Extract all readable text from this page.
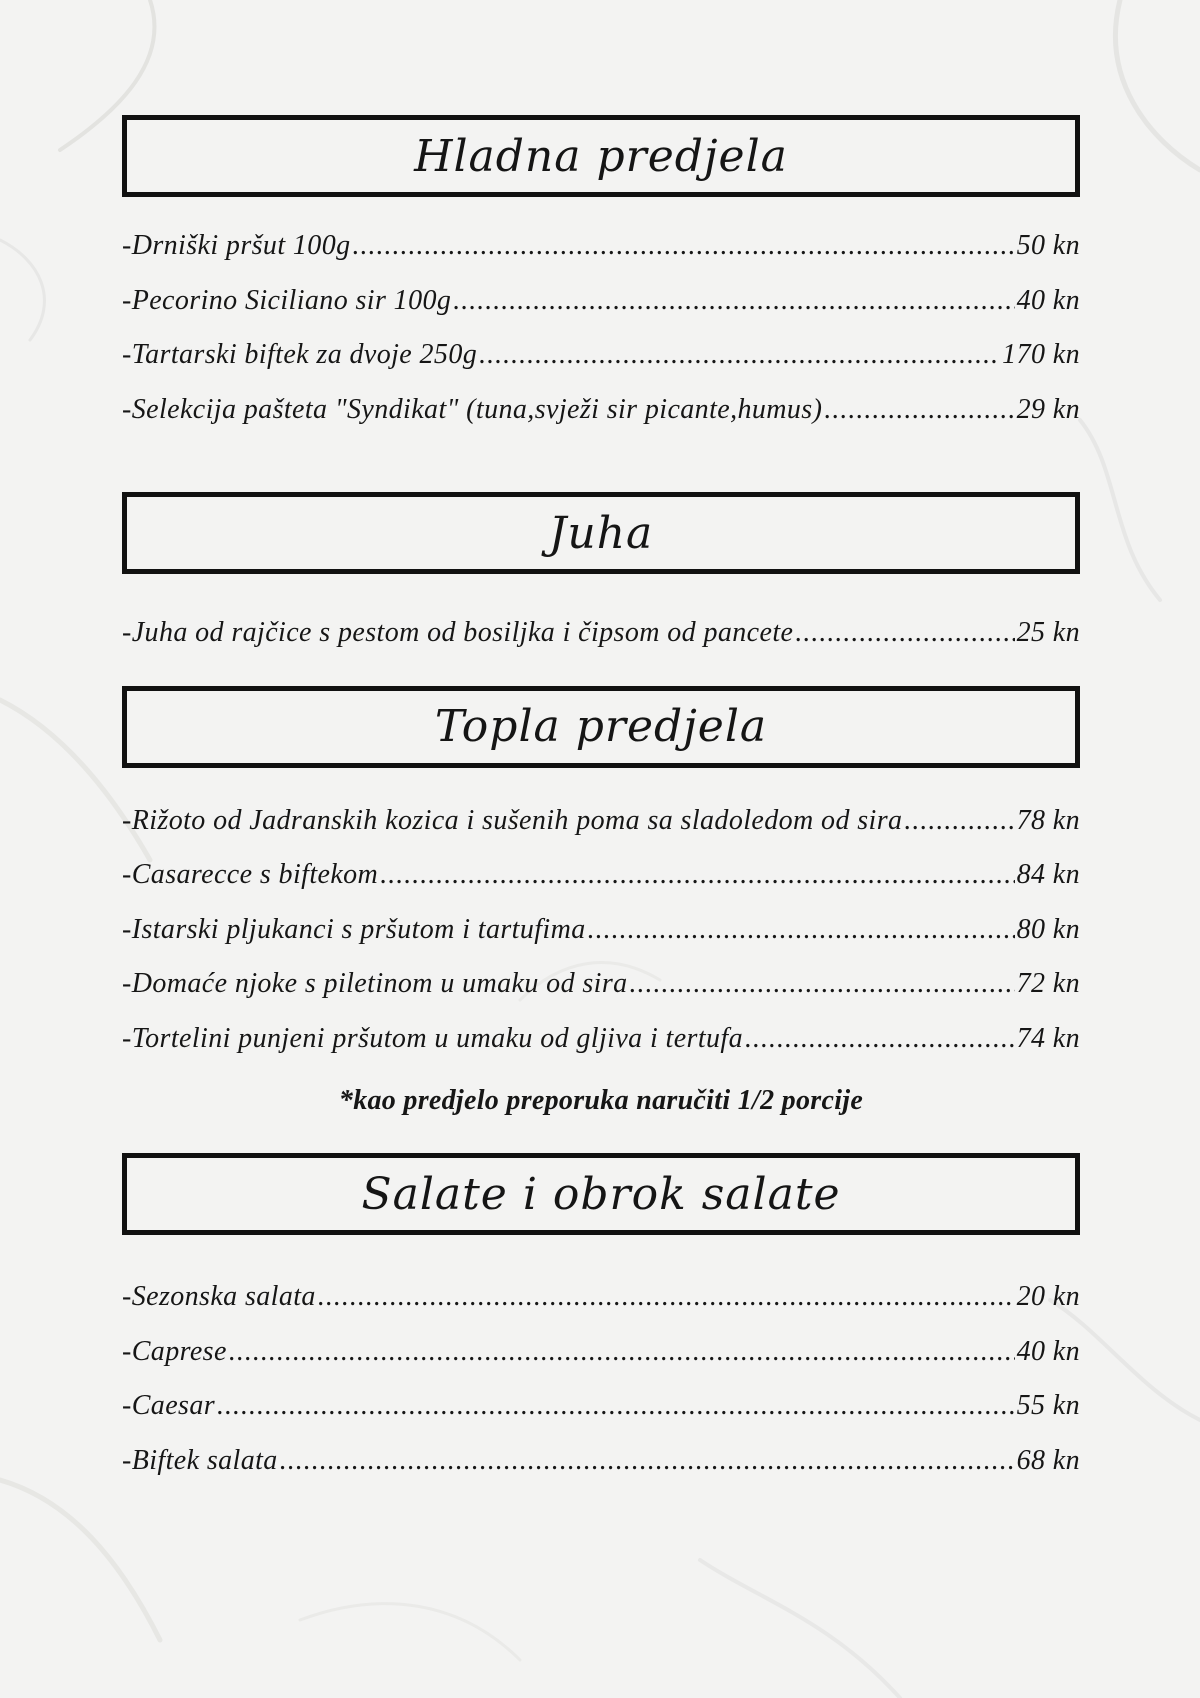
Hladna predjela
-Drniški pršut 100g .....	50 kn
-Pecorino Siciliano sir 100g .....	40 kn
-Tartarski biftek za dvoje 250g .....	170 kn
-Selekcija pašteta "Syndikat" (tuna,svježi sir picante,humus) .....	29 kn
Juha
-Juha od rajčice s pestom od bosiljka i čipsom od pancete .....	25 kn
Topla predjela
-Rižoto od Jadranskih kozica i sušenih poma sa sladoledom od sira .....	78 kn
-Casarecce s biftekom .....	84 kn
-Istarski pljukanci s pršutom i tartufima .....	80 kn
-Domaće njoke s piletinom u umaku od sira .....	72 kn
-Tortelini punjeni pršutom u umaku od gljiva i tertufa .....	74 kn
*kao predjelo preporuka naručiti 1/2 porcije
Salate i obrok salate
-Sezonska salata .....	20 kn
-Caprese .....	40 kn
-Caesar .....	55 kn
-Biftek salata .....	68 kn
